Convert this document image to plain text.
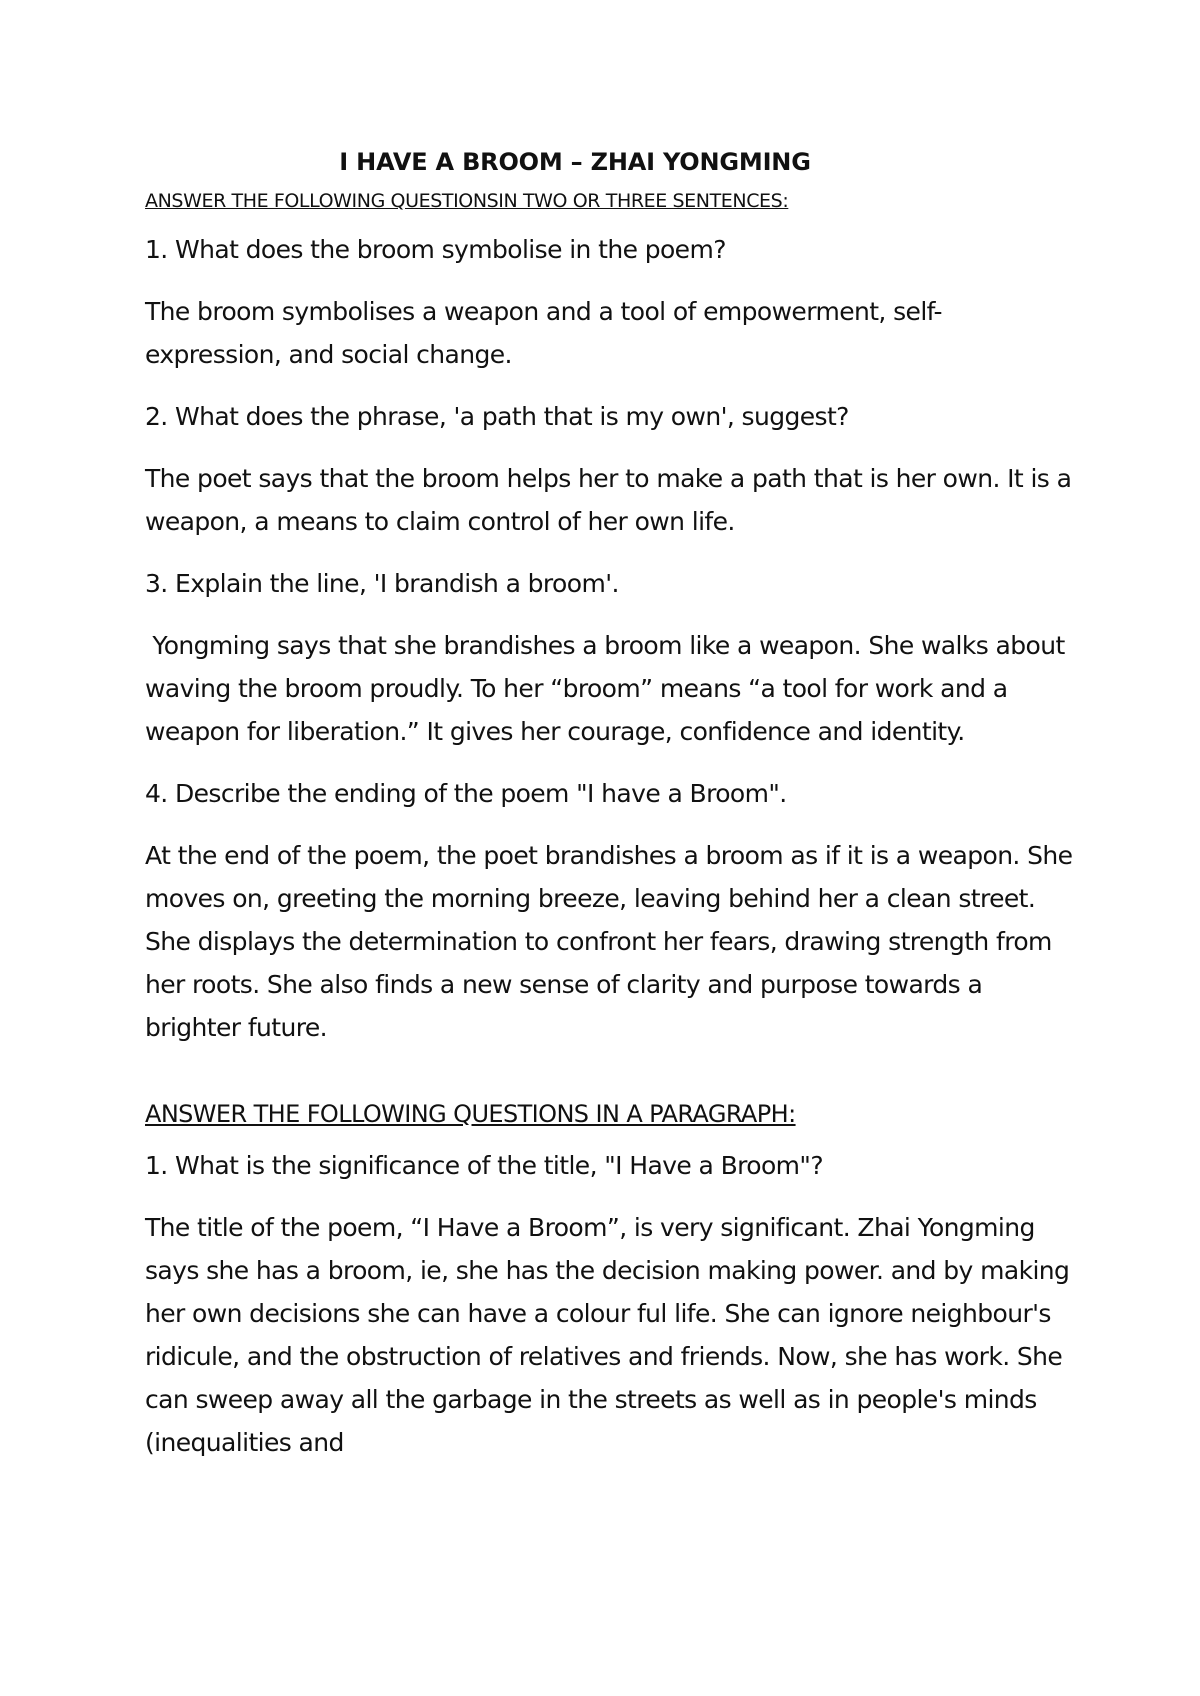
I HAVE A BROOM – ZHAI YONGMING
ANSWER THE FOLLOWING QUESTIONSIN TWO OR THREE SENTENCES:
1. What does the broom symbolise in the poem?
The broom symbolises a weapon and a tool of empowerment, self-expression, and social change.
2. What does the phrase, 'a path that is my own', suggest?
The poet says that the broom helps her to make a path that is her own. It is a weapon, a means to claim control of her own life.
3. Explain the line, 'I brandish a broom'.
Yongming says that she brandishes a broom like a weapon. She walks about waving the broom proudly. To her “broom” means “a tool for work and a weapon for liberation.” It gives her courage, confidence and identity.
4. Describe the ending of the poem "I have a Broom".
At the end of the poem, the poet brandishes a broom as if it is a weapon. She moves on, greeting the morning breeze, leaving behind her a clean street. She displays the determination to confront her fears, drawing strength from her roots. She also finds a new sense of clarity and purpose towards a brighter future.
ANSWER THE FOLLOWING QUESTIONS IN A PARAGRAPH:
1. What is the significance of the title, "I Have a Broom"?
The title of the poem, “I Have a Broom”, is very significant. Zhai Yongming says she has a broom, ie, she has the decision making power. and by making her own decisions she can have a colour ful life. She can ignore neighbour's ridicule, and the obstruction of relatives and friends. Now, she has work. She can sweep away all the garbage in the streets as well as in people's minds (inequalities and
